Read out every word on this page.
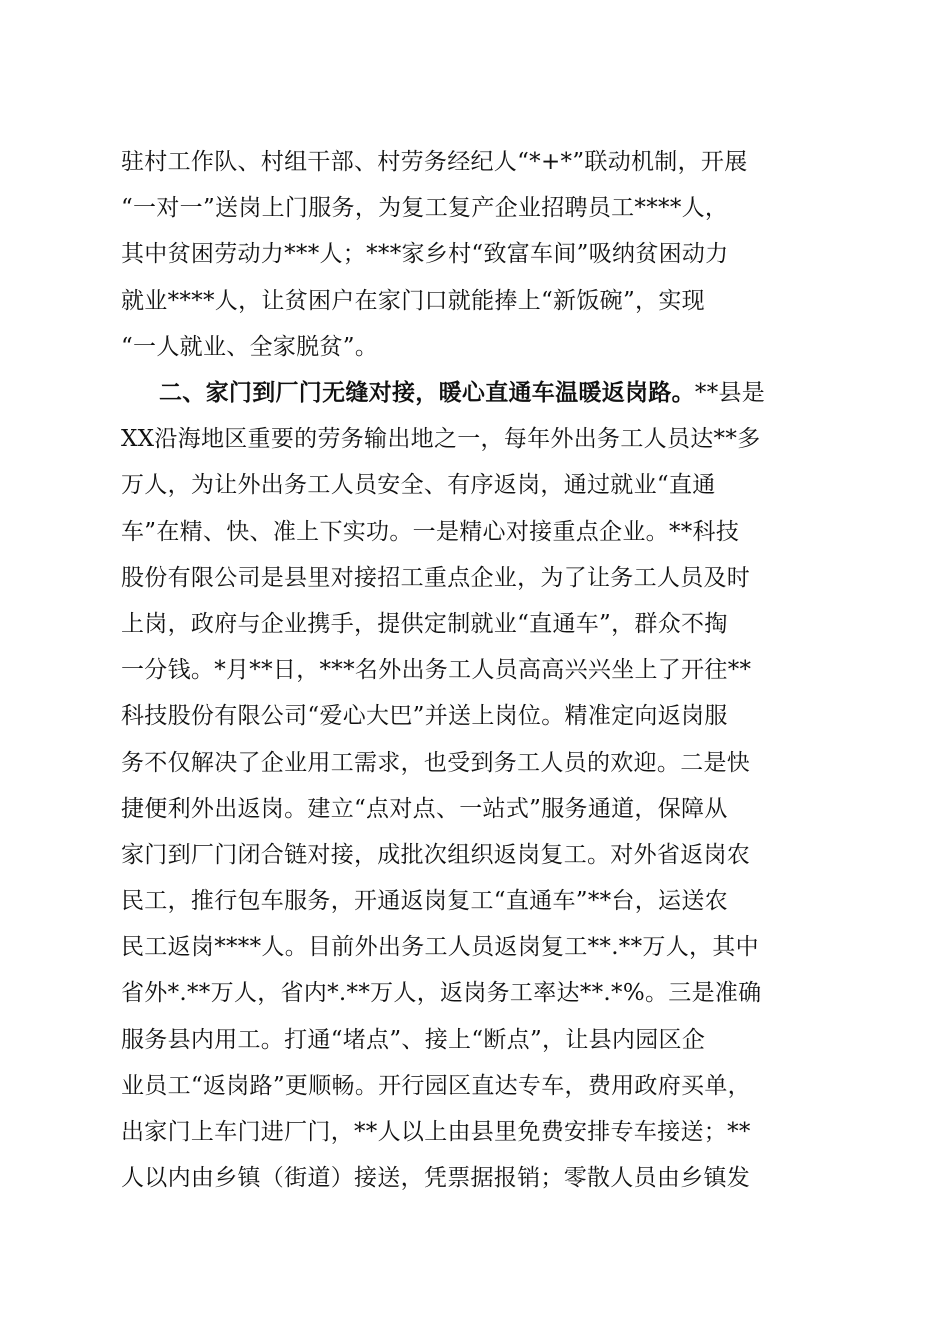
驻村工作队、村组干部、村劳务经纪人“*+*”联动机制，开展
“一对一”送岗上门服务，为复工复产企业招聘员工****人，
其中贫困劳动力***人；***家乡村“致富车间”吸纳贫困动力
就业****人，让贫困户在家门口就能捧上“新饭碗”，实现
“一人就业、全家脱贫”。
二、家门到厂门无缝对接，暖心直通车温暖返岗路。**县是
XX沿海地区重要的劳务输出地之一，每年外出务工人员达**多
万人，为让外出务工人员安全、有序返岗，通过就业“直通
车”在精、快、准上下实功。一是精心对接重点企业。**科技
股份有限公司是县里对接招工重点企业，为了让务工人员及时
上岗，政府与企业携手，提供定制就业“直通车”，群众不掏
一分钱。*月**日，***名外出务工人员高高兴兴坐上了开往**
科技股份有限公司“爱心大巴”并送上岗位。精准定向返岗服
务不仅解决了企业用工需求，也受到务工人员的欢迎。二是快
捷便利外出返岗。建立“点对点、一站式”服务通道，保障从
家门到厂门闭合链对接，成批次组织返岗复工。对外省返岗农
民工，推行包车服务，开通返岗复工“直通车”**台，运送农
民工返岗****人。目前外出务工人员返岗复工**.**万人，其中
省外*.**万人，省内*.**万人，返岗务工率达**.*%。三是准确
服务县内用工。打通“堵点”、接上“断点”，让县内园区企
业员工“返岗路”更顺畅。开行园区直达专车，费用政府买单，
出家门上车门进厂门，**人以上由县里免费安排专车接送；**
人以内由乡镇（街道）接送，凭票据报销；零散人员由乡镇发
